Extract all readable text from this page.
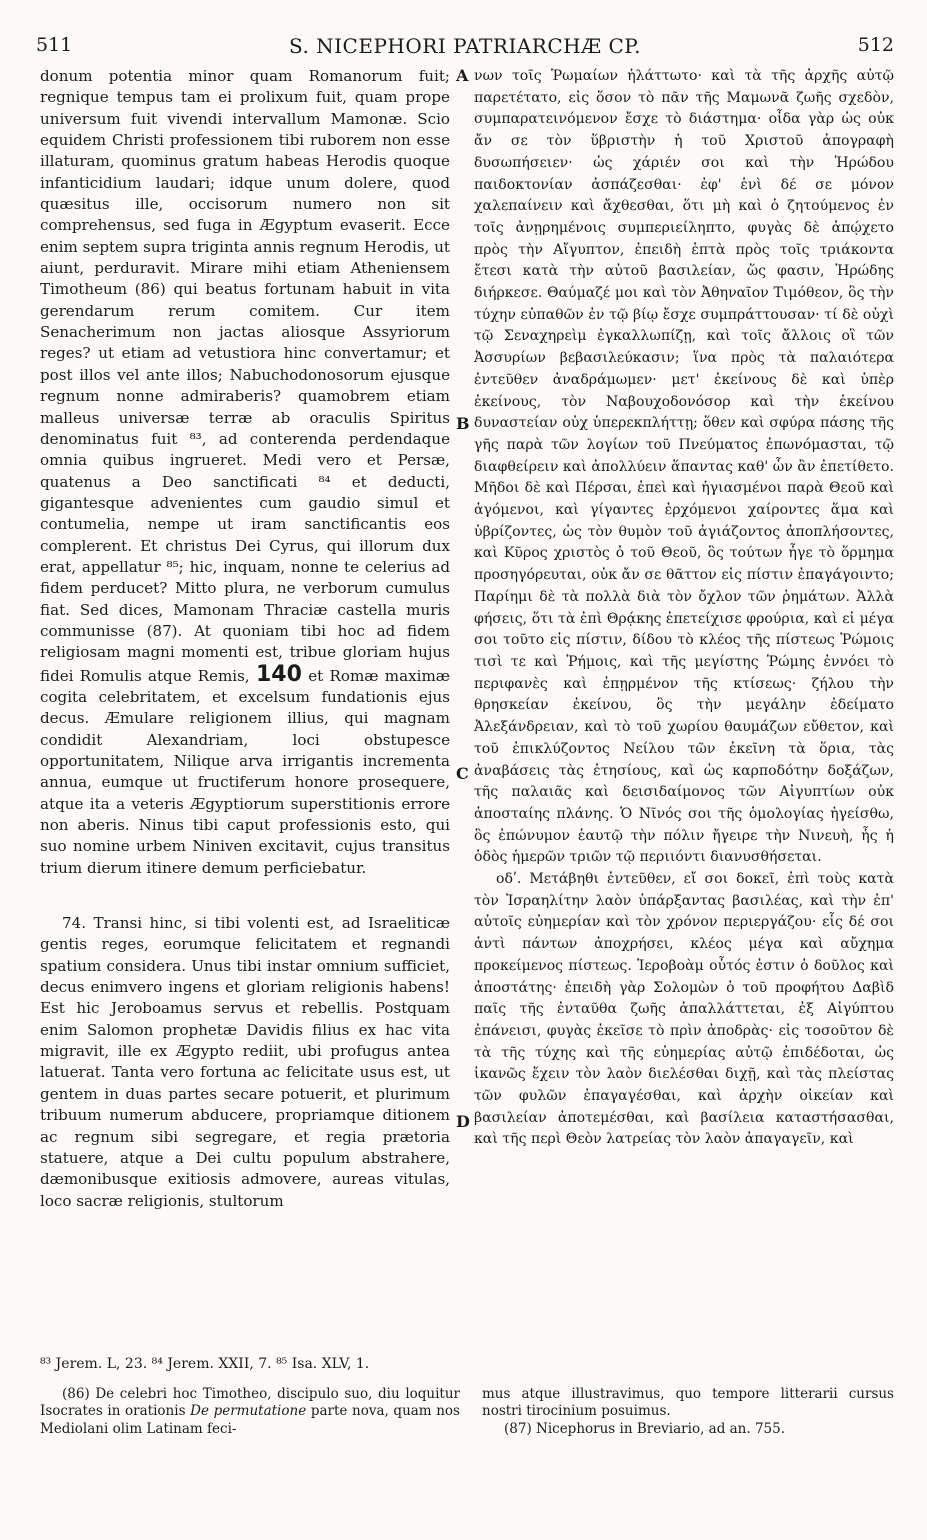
511	S. NICEPHORI PATRIARCHÆ CP.	512

donum potentia minor quam Romanorum fuit; regnique tempus tam ei prolixum fuit, quam prope universum fuit vivendi intervallum Mamonæ. Scio equidem Christi professionem tibi ruborem non esse illaturam, quominus gratum habeas Herodis quoque infanticidium laudari; idque unum dolere, quod quæsitus ille, occisorum numero non sit comprehensus, sed fuga in Ægyptum evaserit. Ecce enim septem supra triginta annis regnum Herodis, ut aiunt, perduravit. Mirare mihi etiam Atheniensem Timotheum (86) qui beatus fortunam habuit in vita gerendarum rerum comitem. Cur item Senacherimum non jactas aliosque Assyriorum reges? ut etiam ad vetustiora hinc convertamur; et post illos vel ante illos; Nabuchodonosorum ejusque regnum nonne admiraberis? quamobrem etiam malleus universæ terræ ab oraculis Spiritus denominatus fuit ⁸³, ad conterenda perdendaque omnia quibus ingrueret. Medi vero et Persæ, quatenus a Deo sanctificati ⁸⁴ et deducti, gigantesque advenientes cum gaudio simul et contumelia, nempe ut iram sanctificantis eos complerent. Et christus Dei Cyrus, qui illorum dux erat, appellatur ⁸⁵; hic, inquam, nonne te celerius ad fidem perducet? Mitto plura, ne verborum cumulus fiat. Sed dices, Mamonam Thraciæ castella muris communisse (87). At quoniam tibi hoc ad fidem religiosam magni momenti est, tribue gloriam hujus fidei Romulis atque Remis, 140 et Romæ maximæ cogita celebritatem, et excelsum fundationis ejus decus. Æmulare religionem illius, qui magnam condidit Alexandriam, loci obstupesce opportunitatem, Nilique arva irrigantis incrementa annua, eumque ut fructiferum honore prosequere, atque ita a veteris Ægyptiorum superstitionis errore non aberis. Ninus tibi caput professionis esto, qui suo nomine urbem Niniven excitavit, cujus transitus trium dierum itinere demum perficiebatur.

74. Transi hinc, si tibi volenti est, ad Israeliticæ gentis reges, eorumque felicitatem et regnandi spatium considera. Unus tibi instar omnium sufficiet, decus enimvero ingens et gloriam religionis habens! Est hic Jeroboamus servus et rebellis. Postquam enim Salomon prophetæ Davidis filius ex hac vita migravit, ille ex Ægypto rediit, ubi profugus antea latuerat. Tanta vero fortuna ac felicitate usus est, ut gentem in duas partes secare potuerit, et plurimum tribuum numerum abducere, propriamque ditionem ac regnum sibi segregare, et regia prætoria statuere, atque a Dei cultu populum abstrahere, dæmonibusque exitiosis admovere, aureas vitulas, loco sacræ religionis, stultorum

A
B
C
D

νων τοῖς Ῥωμαίων ἠλάττωτο· καὶ τὰ τῆς ἀρχῆς αὐτῷ παρετέτατο, εἰς ὅσον τὸ πᾶν τῆς Μαμωνᾶ ζωῆς σχεδὸν, συμπαρατεινόμενον ἔσχε τὸ διάστημα· οἶδα γὰρ ὡς οὐκ ἄν σε τὸν ὕβριστὴν ἡ τοῦ Χριστοῦ ἀπογραφὴ δυσωπήσειεν· ὡς χάριέν σοι καὶ τὴν Ἡρώδου παιδοκτονίαν ἀσπάζεσθαι· ἐφ' ἑνὶ δέ σε μόνον χαλεπαίνειν καὶ ἄχθεσθαι, ὅτι μὴ καὶ ὁ ζητούμενος ἐν τοῖς ἀνῃρημένοις συμπεριείληπτο, φυγὰς δὲ ἀπῴχετο πρὸς τὴν Αἴγυπτον, ἐπειδὴ ἑπτὰ πρὸς τοῖς τριάκοντα ἔτεσι κατὰ τὴν αὐτοῦ βασιλείαν, ὥς φασιν, Ἡρώδης διήρκεσε. Θαύμαζέ μοι καὶ τὸν Ἀθηναῖον Τιμόθεον, ὃς τὴν τύχην εὐπαθῶν ἐν τῷ βίῳ ἔσχε συμπράττουσαν· τί δὲ οὐχὶ τῷ Σεναχηρεὶμ ἐγκαλλωπίζῃ, καὶ τοῖς ἄλλοις οἳ τῶν Ἀσσυρίων βεβασιλεύκασιν; ἵνα πρὸς τὰ παλαιότερα ἐντεῦθεν ἀναδράμωμεν· μετ' ἐκείνους δὲ καὶ ὑπὲρ ἐκείνους, τὸν Ναβουχοδονόσορ καὶ τὴν ἐκείνου δυναστείαν οὐχ ὑπερεκπλήττῃ; ὅθεν καὶ σφύρα πάσης τῆς γῆς παρὰ τῶν λογίων τοῦ Πνεύματος ἐπωνόμασται, τῷ διαφθείρειν καὶ ἀπολλύειν ἅπαντας καθ' ὧν ἂν ἐπετίθετο. Μῆδοι δὲ καὶ Πέρσαι, ἐπεὶ καὶ ἡγιασμένοι παρὰ Θεοῦ καὶ ἀγόμενοι, καὶ γίγαντες ἐρχόμενοι χαίροντες ἅμα καὶ ὑβρίζοντες, ὡς τὸν θυμὸν τοῦ ἁγιάζοντος ἀποπλήσοντες, καὶ Κῦρος χριστὸς ὁ τοῦ Θεοῦ, ὃς τούτων ἦγε τὸ ὅρμημα προσηγόρευται, οὐκ ἄν σε θᾶττον εἰς πίστιν ἐπαγάγοιντο; Παρίημι δὲ τὰ πολλὰ διὰ τὸν ὄχλον τῶν ῥημάτων. Ἀλλὰ φήσεις, ὅτι τὰ ἐπὶ Θρᾴκης ἐπετείχισε φρούρια, καὶ εἰ μέγα σοι τοῦτο εἰς πίστιν, δίδου τὸ κλέος τῆς πίστεως Ῥώμοις τισὶ τε καὶ Ῥήμοις, καὶ τῆς μεγίστης Ῥώμης ἐννόει τὸ περιφανὲς καὶ ἐπῃρμένον τῆς κτίσεως· ζήλου τὴν θρησκείαν ἐκείνου, ὃς τὴν μεγάλην ἐδείματο Ἀλεξάνδρειαν, καὶ τὸ τοῦ χωρίου θαυμάζων εὔθετον, καὶ τοῦ ἐπικλύζοντος Νείλου τῶν ἐκεῖνη τὰ ὅρια, τὰς ἀναβάσεις τὰς ἐτησίους, καὶ ὡς καρποδότην δοξάζων, τῆς παλαιᾶς καὶ δεισιδαίμονος τῶν Αἰγυπτίων οὐκ ἀποσταίης πλάνης. Ὁ Νῖνός σοι τῆς ὁμολογίας ἡγείσθω, ὃς ἐπώνυμον ἑαυτῷ τὴν πόλιν ἤγειρε τὴν Νινευὴ, ἧς ἡ ὁδὸς ἡμερῶν τριῶν τῷ περιιόντι διανυσθήσεται.

οδʹ. Μετάβηθι ἐντεῦθεν, εἴ σοι δοκεῖ, ἐπὶ τοὺς κατὰ τὸν Ἰσραηλίτην λαὸν ὑπάρξαντας βασιλέας, καὶ τὴν ἐπ' αὐτοῖς εὐημερίαν καὶ τὸν χρόνον περιεργάζου· εἷς δέ σοι ἀντὶ πάντων ἀποχρήσει, κλέος μέγα καὶ αὔχημα προκείμενος πίστεως. Ἱεροβοὰμ οὗτός ἐστιν ὁ δοῦλος καὶ ἀποστάτης· ἐπειδὴ γὰρ Σολομὼν ὁ τοῦ προφήτου Δαβὶδ παῖς τῆς ἐνταῦθα ζωῆς ἀπαλλάττεται, ἐξ Αἰγύπτου ἐπάνεισι, φυγὰς ἐκεῖσε τὸ πρὶν ἀποδρὰς· εἰς τοσοῦτον δὲ τὰ τῆς τύχης καὶ τῆς εὐημερίας αὐτῷ ἐπιδέδοται, ὡς ἱκανῶς ἔχειν τὸν λαὸν διελέσθαι διχῇ, καὶ τὰς πλείστας τῶν φυλῶν ἐπαγαγέσθαι, καὶ ἀρχὴν οἰκείαν καὶ βασιλείαν ἀποτεμέσθαι, καὶ βασίλεια καταστήσασθαι, καὶ τῆς περὶ Θεὸν λατρείας τὸν λαὸν ἀπαγαγεῖν, καὶ

⁸³ Jerem. L, 23. ⁸⁴ Jerem. XXII, 7. ⁸⁵ Isa. XLV, 1.

(86) De celebri hoc Timotheo, discipulo suo, diu loquitur Isocrates in orationis De permutatione parte nova, quam nos Mediolani olim Latinam feci-

mus atque illustravimus, quo tempore litterarii cursus nostri tirocinium posuimus.

(87) Nicephorus in Breviario, ad an. 755.
